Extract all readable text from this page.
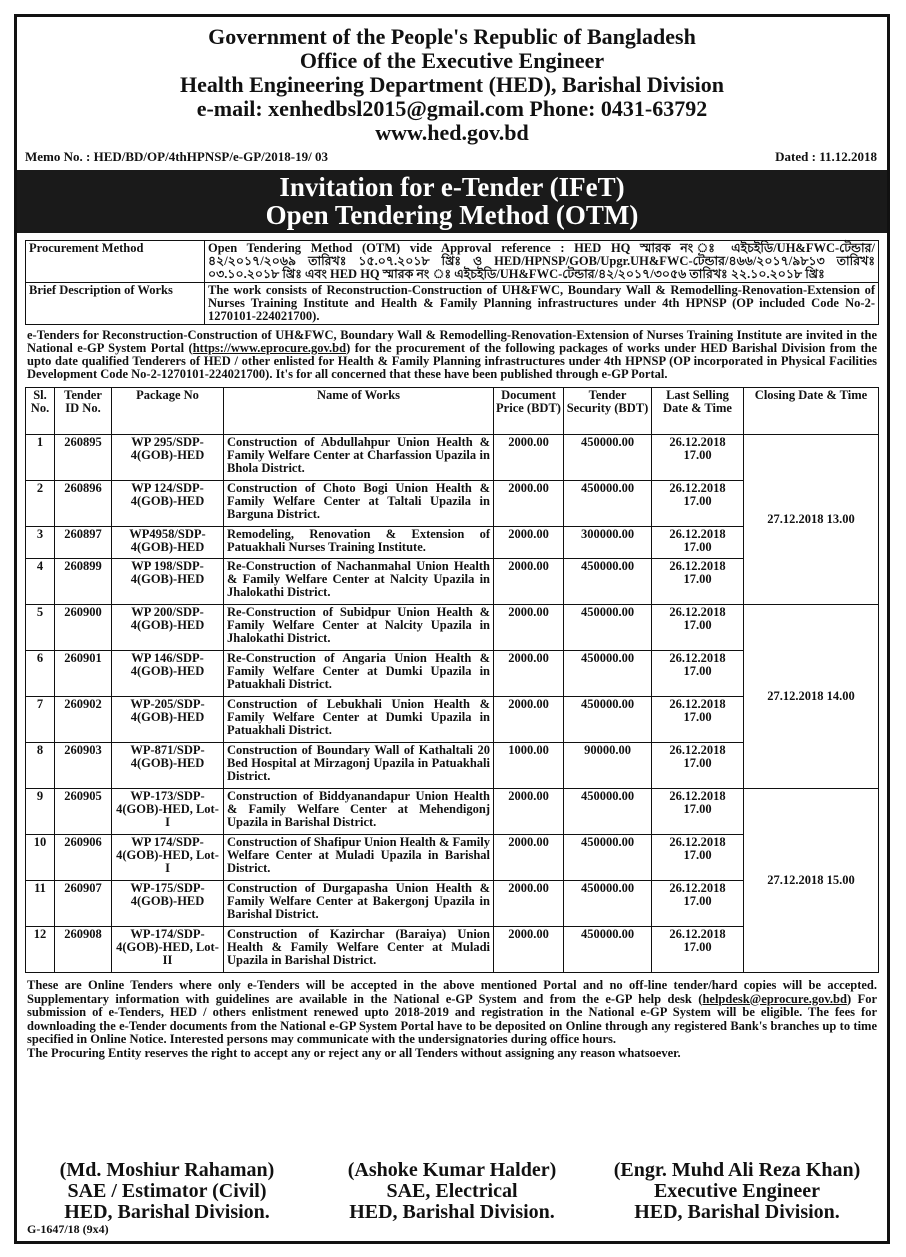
Government of the People's Republic of Bangladesh
Office of the Executive Engineer
Health Engineering Department (HED), Barishal Division
e-mail: xenhedbsl2015@gmail.com Phone: 0431-63792
www.hed.gov.bd
Memo No. : HED/BD/OP/4thHPNSP/e-GP/2018-19/ 03	Dated : 11.12.2018
Invitation for e-Tender (IFeT)
Open Tendering Method (OTM)
Procurement Method	Open Tendering Method (OTM) vide Approval reference : HED HQ স্মারক নং ঃ এইচইডি/UH&FWC-টেন্ডার/৪২/২০১৭/২০৬৯ তারিখঃ ১৫.০৭.২০১৮ খ্রিঃ ও HED/HPNSP/GOB/Upgr.UH&FWC-টেন্ডার/৪৬৬/২০১৭/৯৮১৩ তারিখঃ ০৩.১০.২০১৮ খ্রিঃ এবং HED HQ স্মারক নং ঃ এইচইডি/UH&FWC-টেন্ডার/৪২/২০১৭/৩০৫৬ তারিখঃ ২২.১০.২০১৮ খ্রিঃ
Brief Description of Works	The work consists of Reconstruction-Construction of UH&FWC, Boundary Wall & Remodelling-Renovation-Extension of Nurses Training Institute and Health & Family Planning infrastructures under 4th HPNSP (OP included Code No-2-1270101-224021700).
e-Tenders for Reconstruction-Construction of UH&FWC, Boundary Wall & Remodelling-Renovation-Extension of Nurses Training Institute are invited in the National e-GP System Portal (https://www.eprocure.gov.bd) for the procurement of the following packages of works under HED Barishal Division from the upto date qualified Tenderers of HED / other enlisted for Health & Family Planning infrastructures under 4th HPNSP (OP incorporated in Physical Facilities Development Code No-2-1270101-224021700). It's for all concerned that these have been published through e-GP Portal.
Sl. No.	Tender ID No.	Package No	Name of Works	Document Price (BDT)	Tender Security (BDT)	Last Selling Date & Time	Closing Date & Time
1	260895	WP 295/SDP-4(GOB)-HED	Construction of Abdullahpur Union Health & Family Welfare Center at Charfassion Upazila in Bhola District.	2000.00	450000.00	26.12.2018 17.00	27.12.2018 13.00
2	260896	WP 124/SDP-4(GOB)-HED	Construction of Choto Bogi Union Health & Family Welfare Center at Taltali Upazila in Barguna District.	2000.00	450000.00	26.12.2018 17.00	
3	260897	WP4958/SDP-4(GOB)-HED	Remodeling, Renovation & Extension of Patuakhali Nurses Training Institute.	2000.00	300000.00	26.12.2018 17.00	
4	260899	WP 198/SDP-4(GOB)-HED	Re-Construction of Nachanmahal Union Health & Family Welfare Center at Nalcity Upazila in Jhalokathi District.	2000.00	450000.00	26.12.2018 17.00	
5	260900	WP 200/SDP-4(GOB)-HED	Re-Construction of Subidpur Union Health & Family Welfare Center at Nalcity Upazila in Jhalokathi District.	2000.00	450000.00	26.12.2018 17.00	27.12.2018 14.00
6	260901	WP 146/SDP-4(GOB)-HED	Re-Construction of Angaria Union Health & Family Welfare Center at Dumki Upazila in Patuakhali District.	2000.00	450000.00	26.12.2018 17.00	
7	260902	WP-205/SDP-4(GOB)-HED	Construction of Lebukhali Union Health & Family Welfare Center at Dumki Upazila in Patuakhali District.	2000.00	450000.00	26.12.2018 17.00	
8	260903	WP-871/SDP-4(GOB)-HED	Construction of Boundary Wall of Kathaltali 20 Bed Hospital at Mirzagonj Upazila in Patuakhali District.	1000.00	90000.00	26.12.2018 17.00	
9	260905	WP-173/SDP-4(GOB)-HED, Lot-I	Construction of Biddyanandapur Union Health & Family Welfare Center at Mehendigonj Upazila in Barishal District.	2000.00	450000.00	26.12.2018 17.00	27.12.2018 15.00
10	260906	WP 174/SDP-4(GOB)-HED, Lot-I	Construction of Shafipur Union Health & Family Welfare Center at Muladi Upazila in Barishal District.	2000.00	450000.00	26.12.2018 17.00	
11	260907	WP-175/SDP-4(GOB)-HED	Construction of Durgapasha Union Health & Family Welfare Center at Bakergonj Upazila in Barishal District.	2000.00	450000.00	26.12.2018 17.00	
12	260908	WP-174/SDP-4(GOB)-HED, Lot-II	Construction of Kazirchar (Baraiya) Union Health & Family Welfare Center at Muladi Upazila in Barishal District.	2000.00	450000.00	26.12.2018 17.00	
These are Online Tenders where only e-Tenders will be accepted in the above mentioned Portal and no off-line tender/hard copies will be accepted. Supplementary information with guidelines are available in the National e-GP System and from the e-GP help desk (helpdesk@eprocure.gov.bd) For submission of e-Tenders, HED / others enlistment renewed upto 2018-2019 and registration in the National e-GP System will be eligible. The fees for downloading the e-Tender documents from the National e-GP System Portal have to be deposited on Online through any registered Bank's branches up to time specified in Online Notice. Interested persons may communicate with the undersignatories during office hours.
The Procuring Entity reserves the right to accept any or reject any or all Tenders without assigning any reason whatsoever.
(Md. Moshiur Rahaman)
SAE / Estimator (Civil)
HED, Barishal Division.
(Ashoke Kumar Halder)
SAE, Electrical
HED, Barishal Division.
(Engr. Muhd Ali Reza Khan)
Executive Engineer
HED, Barishal Division.
G-1647/18 (9x4)
